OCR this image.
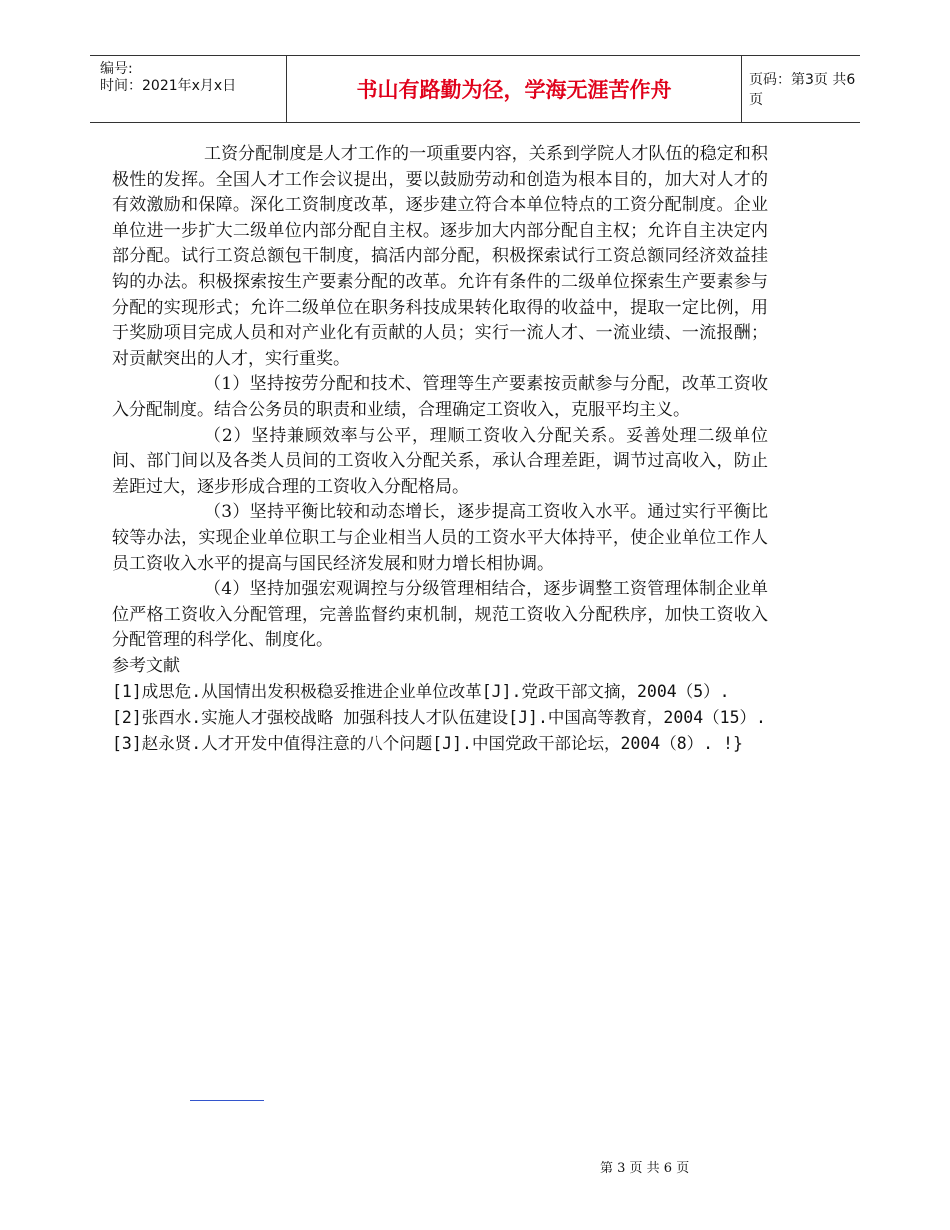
编号:
时间：2021年x月x日	书山有路勤为径，学海无涯苦作舟	页码：第3页 共6页

工资分配制度是人才工作的一项重要内容，关系到学院人才队伍的稳定和积极性的发挥。全国人才工作会议提出，要以鼓励劳动和创造为根本目的，加大对人才的有效激励和保障。深化工资制度改革，逐步建立符合本单位特点的工资分配制度。企业单位进一步扩大二级单位内部分配自主权。逐步加大内部分配自主权；允许自主决定内部分配。试行工资总额包干制度，搞活内部分配，积极探索试行工资总额同经济效益挂钩的办法。积极探索按生产要素分配的改革。允许有条件的二级单位探索生产要素参与分配的实现形式；允许二级单位在职务科技成果转化取得的收益中，提取一定比例，用于奖励项目完成人员和对产业化有贡献的人员；实行一流人才、一流业绩、一流报酬；对贡献突出的人才，实行重奖。

（1）坚持按劳分配和技术、管理等生产要素按贡献参与分配，改革工资收入分配制度。结合公务员的职责和业绩，合理确定工资收入，克服平均主义。

（2）坚持兼顾效率与公平，理顺工资收入分配关系。妥善处理二级单位间、部门间以及各类人员间的工资收入分配关系，承认合理差距，调节过高收入，防止差距过大，逐步形成合理的工资收入分配格局。

（3）坚持平衡比较和动态增长，逐步提高工资收入水平。通过实行平衡比较等办法，实现企业单位职工与企业相当人员的工资水平大体持平，使企业单位工作人员工资收入水平的提高与国民经济发展和财力增长相协调。

（4）坚持加强宏观调控与分级管理相结合，逐步调整工资管理体制企业单位严格工资收入分配管理，完善监督约束机制，规范工资收入分配秩序，加快工资收入分配管理的科学化、制度化。

参考文献

[1]成思危.从国情出发积极稳妥推进企业单位改革[J].党政干部文摘，2004（5）.

[2]张酉水.实施人才强校战略 加强科技人才队伍建设[J].中国高等教育，2004（15）.

[3]赵永贤.人才开发中值得注意的八个问题[J].中国党政干部论坛，2004（8）. !}

第 3 页 共 6 页
